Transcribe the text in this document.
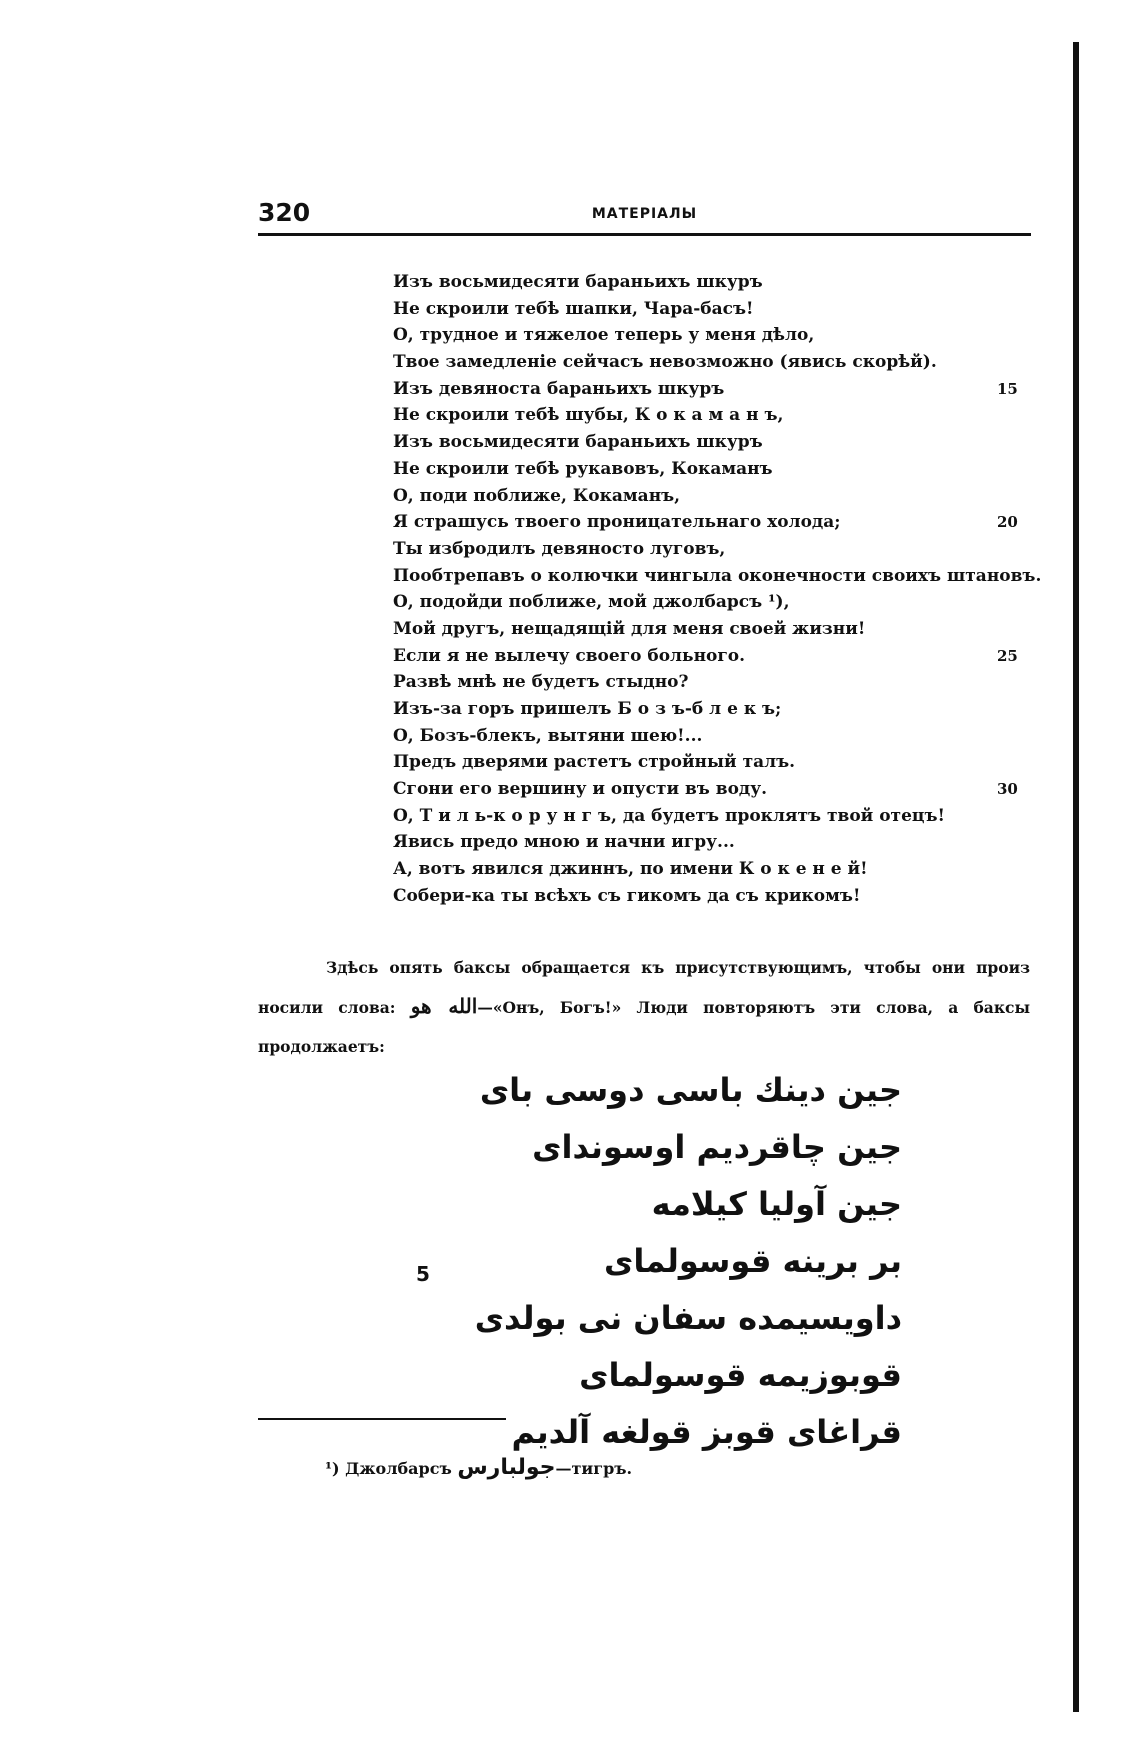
320	МАТЕРІАЛЫ
Изъ восьмидесяти бараньихъ шкуръ
Не скроили тебѣ шапки, Чара-басъ!
О, трудное и тяжелое теперь у меня дѣло,
Твое замедленіе сейчасъ невозможно (явись скорѣй).
Изъ девяноста бараньихъ шкуръ	15
Не скроили тебѣ шубы, К о к а м а н ъ,
Изъ восьмидесяти бараньихъ шкуръ
Не скроили тебѣ рукавовъ, Кокаманъ
О, поди поближе, Кокаманъ,
Я страшусь твоего проницательнаго холода;	20
Ты избродилъ девяносто луговъ,
Пообтрепавъ о колючки чингыла оконечности своихъ штановъ.
О, подойди поближе, мой джолбарсъ ¹),
Мой другъ, нещадящій для меня своей жизни!
Если я не вылечу своего больного.	25
Развѣ мнѣ не будетъ стыдно?
Изъ-за горъ пришелъ Б о з ъ-б л е к ъ;
О, Бозъ-блекъ, вытяни шею!...
Предъ дверями растетъ стройный талъ.
Сгони его вершину и опусти въ воду.	30
О, Т и л ь-к о р у н г ъ, да будетъ проклятъ твой отецъ!
Явись предо мною и начни игру...
А, вотъ явился джиннъ, по имени К о к е н е й!
Собери-ка ты всѣхъ съ гикомъ да съ крикомъ!

Здѣсь опять баксы обращается къ присутствующимъ, чтобы они произ носили слова: الله هو—«Онъ, Богъ!» Люди повторяютъ эти слова, а баксы продолжаетъ:

جين دينك باسى دوسى باى
جين چاقرديم اوسونداى
جين آوليا كيلامه
بر برينه قوسولماى
داويسيمده سفان نى بولدى
قوبوزيمه قوسولماى
قراغاى قوبز قولغه آلديم
5
¹) Джолбарсъ جولبارس—тигръ.
